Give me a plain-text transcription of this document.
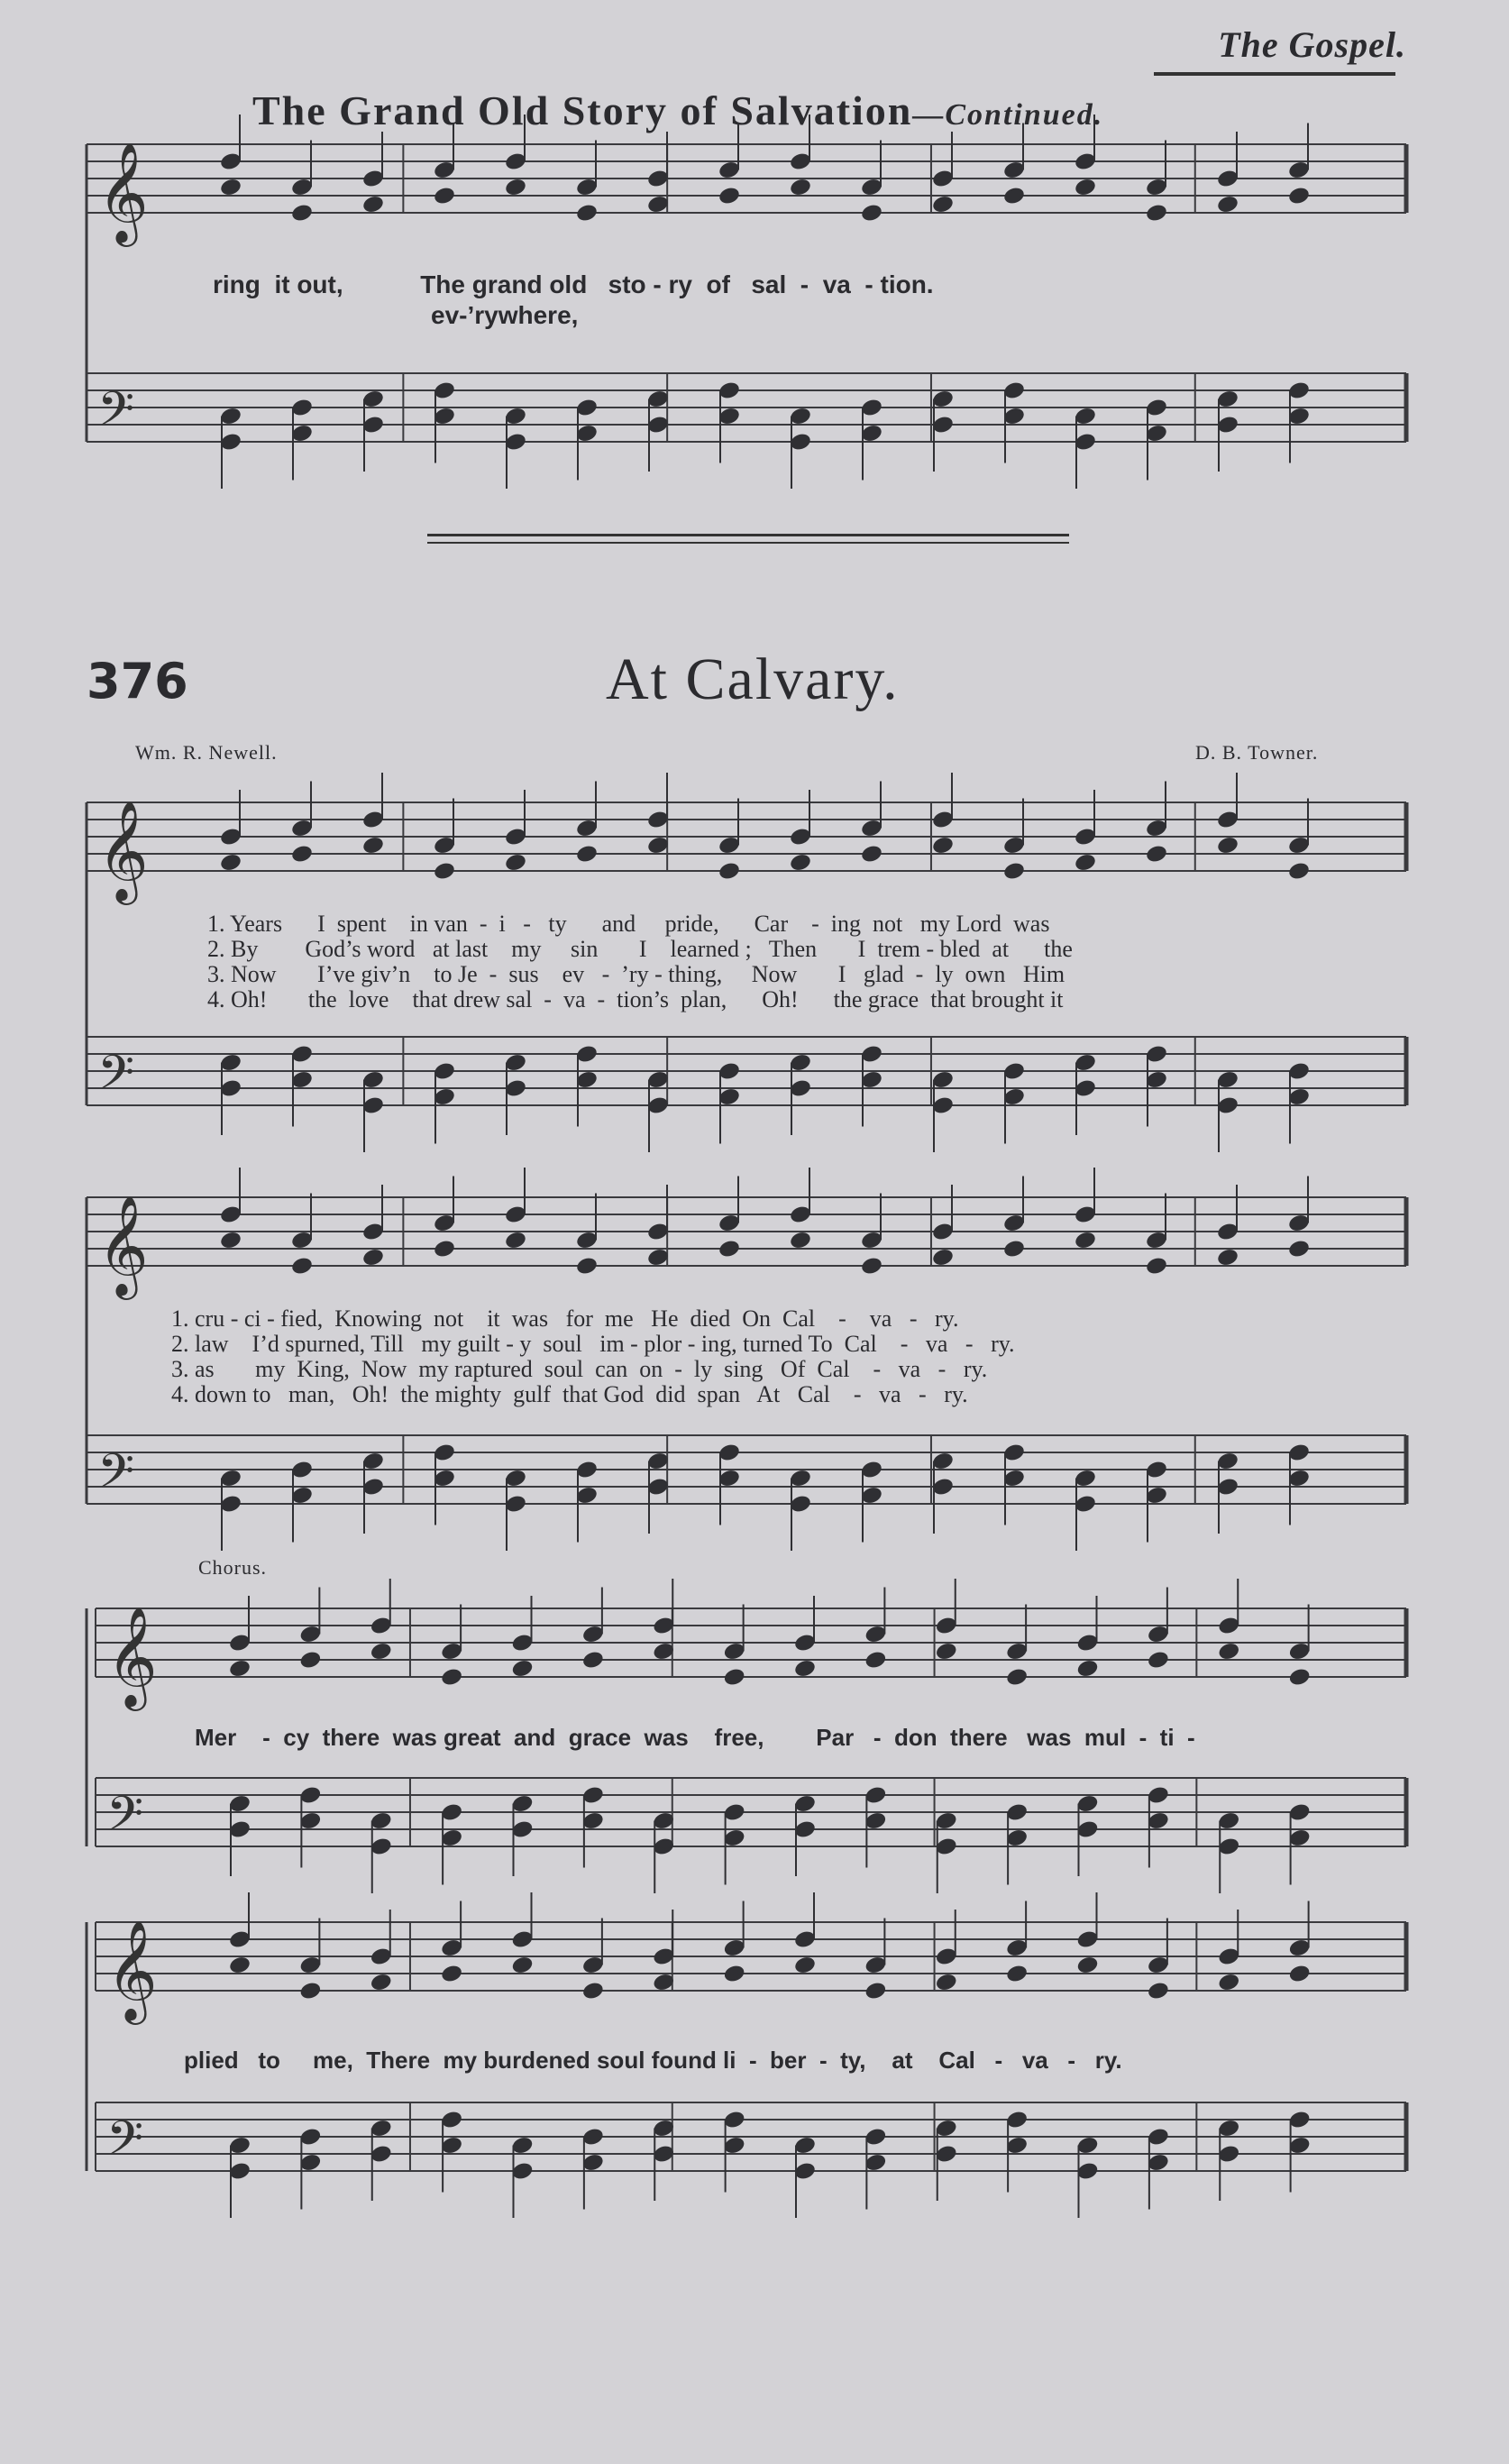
The Gospel.
The Grand Old Story of Salvation—Continued.
𝄞
𝄢
𝄞
𝄢
𝄞
𝄢
𝄞
𝄢
𝄞
𝄢
ring  it out,           The grand old   sto - ry  of   sal  -  va  - tion.
ev-’rywhere,
376	At Calvary.
Wm. R. Newell.	D. B. Towner.
1. Years      I  spent    in van  -  i   -   ty      and     pride,      Car    -  ing  not   my Lord  was
2. By        God’s word   at last    my     sin       I    learned ;   Then       I  trem - bled  at      the
3. Now       I’ve giv’n    to Je  -  sus    ev   -  ’ry - thing,     Now       I   glad  -  ly  own   Him
4. Oh!       the  love    that drew sal  -  va  -  tion’s  plan,      Oh!      the grace  that brought it
1. cru - ci - fied,  Knowing  not    it  was   for  me   He  died  On  Cal    -    va   -   ry.
2. law    I’d spurned, Till   my guilt - y  soul   im - plor - ing, turned To  Cal    -   va   -   ry.
3. as       my  King,  Now  my raptured  soul  can  on  -  ly  sing   Of  Cal    -   va   -   ry.
4. down to   man,   Oh!  the mighty  gulf  that God  did  span   At   Cal    -   va   -   ry.
Chorus.
Mer    -  cy  there  was great  and  grace  was    free,        Par   -  don  there   was  mul  -  ti  -
plied   to     me,  There  my burdened soul found li  -  ber  -  ty,    at    Cal   -   va   -   ry.
